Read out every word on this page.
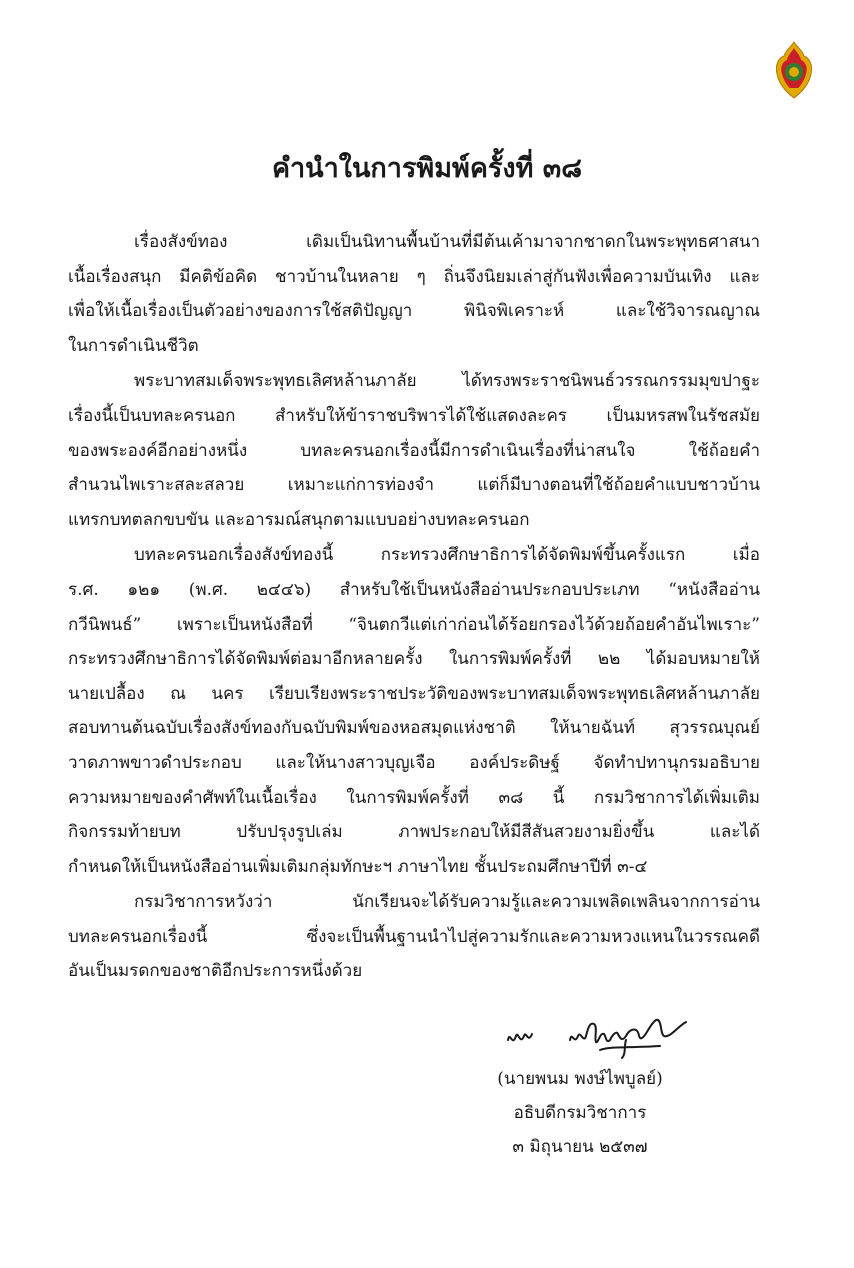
คำนำในการพิมพ์ครั้งที่ ๓๘

เรื่องสังข์ทอง เดิมเป็นนิทานพื้นบ้านที่มีต้นเค้ามาจากชาดกในพระพุทธศาสนา
เนื้อเรื่องสนุก มีคติข้อคิด ชาวบ้านในหลาย ๆ ถิ่นจึงนิยมเล่าสู่กันฟังเพื่อความบันเทิง และ
เพื่อให้เนื้อเรื่องเป็นตัวอย่างของการใช้สติปัญญา พินิจพิเคราะห์ และใช้วิจารณญาณ
ในการดำเนินชีวิต

พระบาทสมเด็จพระพุทธเลิศหล้านภาลัย ได้ทรงพระราชนิพนธ์วรรณกรรมมุขปาฐะ
เรื่องนี้เป็นบทละครนอก สำหรับให้ข้าราชบริพารได้ใช้แสดงละคร เป็นมหรสพในรัชสมัย
ของพระองค์อีกอย่างหนึ่ง บทละครนอกเรื่องนี้มีการดำเนินเรื่องที่น่าสนใจ ใช้ถ้อยคำ
สำนวนไพเราะสละสลวย เหมาะแก่การท่องจำ แต่ก็มีบางตอนที่ใช้ถ้อยคำแบบชาวบ้าน
แทรกบทตลกขบขัน และอารมณ์สนุกตามแบบอย่างบทละครนอก

บทละครนอกเรื่องสังข์ทองนี้ กระทรวงศึกษาธิการได้จัดพิมพ์ขึ้นครั้งแรก เมื่อ
ร.ศ. ๑๒๑ (พ.ศ. ๒๔๔๖) สำหรับใช้เป็นหนังสืออ่านประกอบประเภท “หนังสืออ่าน
กวีนิพนธ์” เพราะเป็นหนังสือที่ “จินตกวีแต่เก่าก่อนได้ร้อยกรองไว้ด้วยถ้อยคำอันไพเราะ”
กระทรวงศึกษาธิการได้จัดพิมพ์ต่อมาอีกหลายครั้ง ในการพิมพ์ครั้งที่ ๒๒ ได้มอบหมายให้
นายเปลื้อง ณ นคร เรียบเรียงพระราชประวัติของพระบาทสมเด็จพระพุทธเลิศหล้านภาลัย
สอบทานต้นฉบับเรื่องสังข์ทองกับฉบับพิมพ์ของหอสมุดแห่งชาติ ให้นายฉันท์ สุวรรณบุณย์
วาดภาพขาวดำประกอบ และให้นางสาวบุญเจือ องค์ประดิษฐ์ จัดทำปทานุกรมอธิบาย
ความหมายของคำศัพท์ในเนื้อเรื่อง ในการพิมพ์ครั้งที่ ๓๘ นี้ กรมวิชาการได้เพิ่มเติม
กิจกรรมท้ายบท ปรับปรุงรูปเล่ม ภาพประกอบให้มีสีสันสวยงามยิ่งขึ้น และได้
กำหนดให้เป็นหนังสืออ่านเพิ่มเติมกลุ่มทักษะฯ ภาษาไทย ชั้นประถมศึกษาปีที่ ๓-๔

กรมวิชาการหวังว่า นักเรียนจะได้รับความรู้และความเพลิดเพลินจากการอ่าน
บทละครนอกเรื่องนี้ ซึ่งจะเป็นพื้นฐานนำไปสู่ความรักและความหวงแหนในวรรณคดี
อันเป็นมรดกของชาติอีกประการหนึ่งด้วย

(นายพนม พงษ์ไพบูลย์)
อธิบดีกรมวิชาการ
๓ มิถุนายน ๒๕๓๗
